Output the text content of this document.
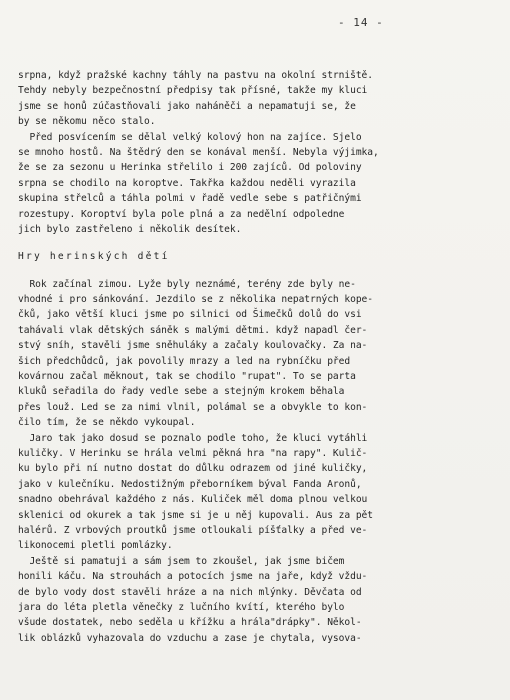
- 14 -
srpna, když pražské kachny táhly na pastvu na okolní strniště.
Tehdy nebyly bezpečnostní předpisy tak přísné, takže my kluci
jsme se honů zúčastňovali jako naháněči a nepamatuji se, že
by se někomu něco stalo.
Před posvícením se dělal velký kolový hon na zajíce. Sjelo
se mnoho hostů. Na štědrý den se konával menší. Nebyla výjimka,
že se za sezonu u Herinka střelilo i 200 zajíců. Od poloviny
srpna se chodilo na koroptve. Takřka každou neděli vyrazila
skupina střelců a táhla polmi v řadě vedle sebe s patřičnými
rozestupy. Koroptví byla pole plná a za nedělní odpoledne
jich bylo zastřeleno i několik desítek.
Hry herinských dětí
Rok začínal zimou. Lyže byly neznámé, terény zde byly ne-
vhodné i pro sánkování. Jezdilo se z několika nepatrných kope-
čků, jako větší kluci jsme po silnici od Šimečků dolů do vsi
tahávali vlak dětských sáněk s malými dětmi. když napadl čer-
stvý sníh, stavěli jsme sněhuláky a začaly koulovačky. Za na-
šich předchůdců, jak povolily mrazy a led na rybníčku před
kovárnou začal měknout, tak se chodilo "rupat". To se parta
kluků seřadila do řady vedle sebe a stejným krokem běhala
přes louž. Led se za nimi vlnil, polámal se a obvykle to kon-
čilo tím, že se někdo vykoupal.
Jaro tak jako dosud se poznalo podle toho, že kluci vytáhli
kuličky. V Herinku se hrála velmi pěkná hra "na rapy". Kulič-
ku bylo při ní nutno dostat do důlku odrazem od jiné kuličky,
jako v kulečníku. Nedostižným přeborníkem býval Fanda Aronů,
snadno obehrával každého z nás. Kuliček měl doma plnou velkou
sklenici od okurek a tak jsme si je u něj kupovali. Aus za pět
halérů. Z vrbových proutků jsme otloukali píšťalky a před ve-
likonocemi pletli pomlázky.
Ještě si pamatuji a sám jsem to zkoušel, jak jsme bičem
honili káču. Na strouhách a potocích jsme na jaře, když vždu-
de bylo vody dost stavěli hráze a na nich mlýnky. Děvčata od
jara do léta pletla věnečky z lučního kvítí, kterého bylo
všude dostatek, nebo seděla u křížku a hrála"drápky". Někol-
lik oblázků vyhazovala do vzduchu a zase je chytala, vysova-
